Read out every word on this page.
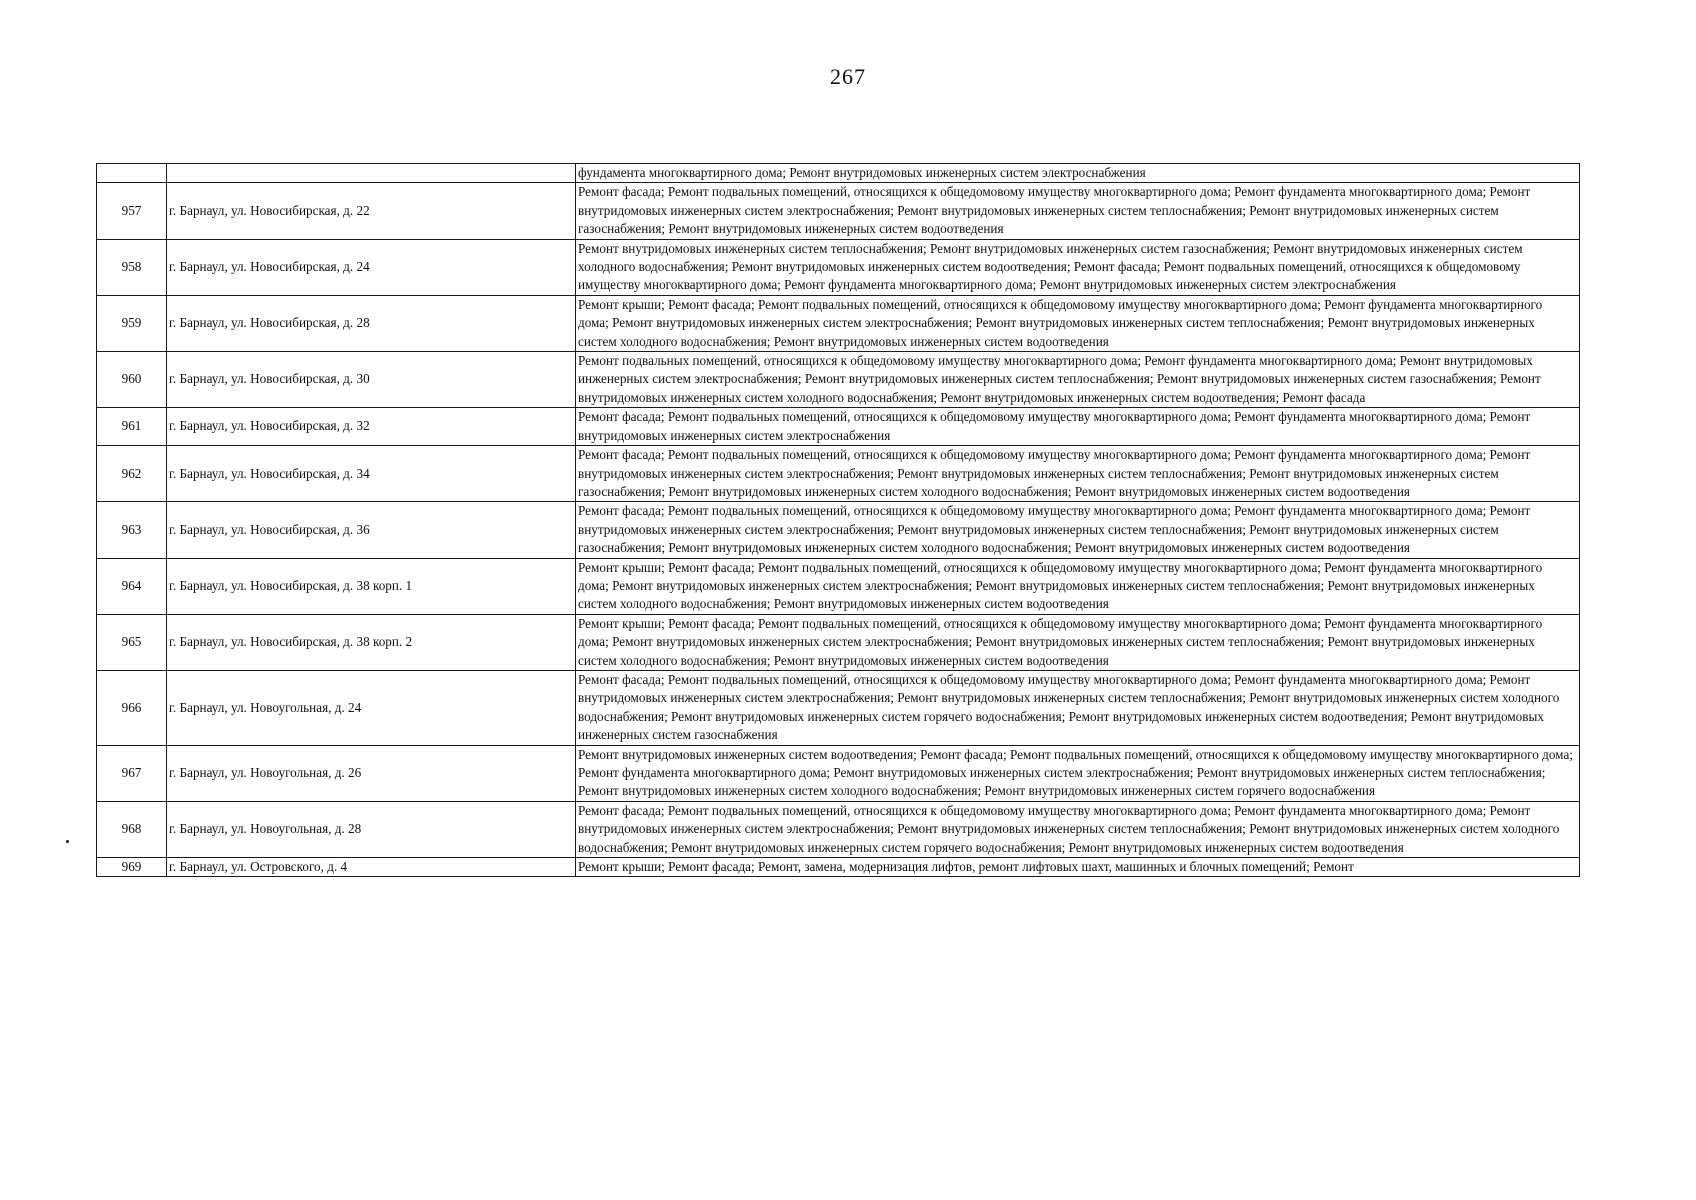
267
		фундамента многоквартирного дома; Ремонт внутридомовых инженерных систем электроснабжения
957	г. Барнаул, ул. Новосибирская, д. 22	Ремонт фасада; Ремонт подвальных помещений, относящихся к общедомовому имуществу многоквартирного дома; Ремонт фундамента многоквартирного дома; Ремонт внутридомовых инженерных систем электроснабжения; Ремонт внутридомовых инженерных систем теплоснабжения; Ремонт внутридомовых инженерных систем газоснабжения; Ремонт внутридомовых инженерных систем водоотведения
958	г. Барнаул, ул. Новосибирская, д. 24	Ремонт внутридомовых инженерных систем теплоснабжения; Ремонт внутридомовых инженерных систем газоснабжения; Ремонт внутридомовых инженерных систем холодного водоснабжения; Ремонт внутридомовых инженерных систем водоотведения; Ремонт фасада; Ремонт подвальных помещений, относящихся к общедомовому имуществу многоквартирного дома; Ремонт фундамента многоквартирного дома; Ремонт внутридомовых инженерных систем электроснабжения
959	г. Барнаул, ул. Новосибирская, д. 28	Ремонт крыши; Ремонт фасада; Ремонт подвальных помещений, относящихся к общедомовому имуществу многоквартирного дома; Ремонт фундамента многоквартирного дома; Ремонт внутридомовых инженерных систем электроснабжения; Ремонт внутридомовых инженерных систем теплоснабжения; Ремонт внутридомовых инженерных систем холодного водоснабжения; Ремонт внутридомовых инженерных систем водоотведения
960	г. Барнаул, ул. Новосибирская, д. 30	Ремонт подвальных помещений, относящихся к общедомовому имуществу многоквартирного дома; Ремонт фундамента многоквартирного дома; Ремонт внутридомовых инженерных систем электроснабжения; Ремонт внутридомовых инженерных систем теплоснабжения; Ремонт внутридомовых инженерных систем газоснабжения; Ремонт внутридомовых инженерных систем холодного водоснабжения; Ремонт внутридомовых инженерных систем водоотведения; Ремонт фасада
961	г. Барнаул, ул. Новосибирская, д. 32	Ремонт фасада; Ремонт подвальных помещений, относящихся к общедомовому имуществу многоквартирного дома; Ремонт фундамента многоквартирного дома; Ремонт внутридомовых инженерных систем электроснабжения
962	г. Барнаул, ул. Новосибирская, д. 34	Ремонт фасада; Ремонт подвальных помещений, относящихся к общедомовому имуществу многоквартирного дома; Ремонт фундамента многоквартирного дома; Ремонт внутридомовых инженерных систем электроснабжения; Ремонт внутридомовых инженерных систем теплоснабжения; Ремонт внутридомовых инженерных систем газоснабжения; Ремонт внутридомовых инженерных систем холодного водоснабжения; Ремонт внутридомовых инженерных систем водоотведения
963	г. Барнаул, ул. Новосибирская, д. 36	Ремонт фасада; Ремонт подвальных помещений, относящихся к общедомовому имуществу многоквартирного дома; Ремонт фундамента многоквартирного дома; Ремонт внутридомовых инженерных систем электроснабжения; Ремонт внутридомовых инженерных систем теплоснабжения; Ремонт внутридомовых инженерных систем газоснабжения; Ремонт внутридомовых инженерных систем холодного водоснабжения; Ремонт внутридомовых инженерных систем водоотведения
964	г. Барнаул, ул. Новосибирская, д. 38 корп. 1	Ремонт крыши; Ремонт фасада; Ремонт подвальных помещений, относящихся к общедомовому имуществу многоквартирного дома; Ремонт фундамента многоквартирного дома; Ремонт внутридомовых инженерных систем электроснабжения; Ремонт внутридомовых инженерных систем теплоснабжения; Ремонт внутридомовых инженерных систем холодного водоснабжения; Ремонт внутридомовых инженерных систем водоотведения
965	г. Барнаул, ул. Новосибирская, д. 38 корп. 2	Ремонт крыши; Ремонт фасада; Ремонт подвальных помещений, относящихся к общедомовому имуществу многоквартирного дома; Ремонт фундамента многоквартирного дома; Ремонт внутридомовых инженерных систем электроснабжения; Ремонт внутридомовых инженерных систем теплоснабжения; Ремонт внутридомовых инженерных систем холодного водоснабжения; Ремонт внутридомовых инженерных систем водоотведения
966	г. Барнаул, ул. Новоугольная, д. 24	Ремонт фасада; Ремонт подвальных помещений, относящихся к общедомовому имуществу многоквартирного дома; Ремонт фундамента многоквартирного дома; Ремонт внутридомовых инженерных систем электроснабжения; Ремонт внутридомовых инженерных систем теплоснабжения; Ремонт внутридомовых инженерных систем холодного водоснабжения; Ремонт внутридомовых инженерных систем горячего водоснабжения; Ремонт внутридомовых инженерных систем водоотведения; Ремонт внутридомовых инженерных систем газоснабжения
967	г. Барнаул, ул. Новоугольная, д. 26	Ремонт внутридомовых инженерных систем водоотведения; Ремонт фасада; Ремонт подвальных помещений, относящихся к общедомовому имуществу многоквартирного дома; Ремонт фундамента многоквартирного дома; Ремонт внутридомовых инженерных систем электроснабжения; Ремонт внутридомовых инженерных систем теплоснабжения; Ремонт внутридомовых инженерных систем холодного водоснабжения; Ремонт внутридомовых инженерных систем горячего водоснабжения
968	г. Барнаул, ул. Новоугольная, д. 28	Ремонт фасада; Ремонт подвальных помещений, относящихся к общедомовому имуществу многоквартирного дома; Ремонт фундамента многоквартирного дома; Ремонт внутридомовых инженерных систем электроснабжения; Ремонт внутридомовых инженерных систем теплоснабжения; Ремонт внутридомовых инженерных систем холодного водоснабжения; Ремонт внутридомовых инженерных систем горячего водоснабжения; Ремонт внутридомовых инженерных систем водоотведения
969	г. Барнаул, ул. Островского, д. 4	Ремонт крыши; Ремонт фасада; Ремонт, замена, модернизация лифтов, ремонт лифтовых шахт, машинных и блочных помещений; Ремонт
